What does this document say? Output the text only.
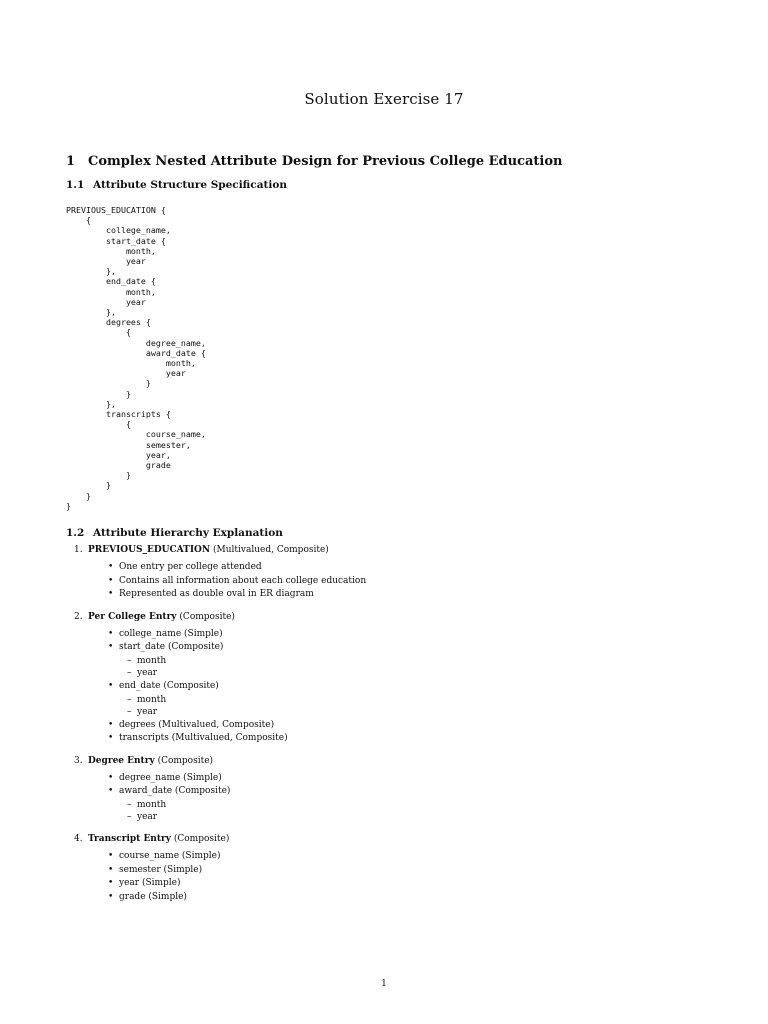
Solution Exercise 17
1 Complex Nested Attribute Design for Previous College Education
1.1 Attribute Structure Specification
PREVIOUS_EDUCATION {
{
college_name,
start_date {
month,
year
},
end_date {
month,
year
},
degrees {
{
degree_name,
award_date {
month,
year
}
}
},
transcripts {
{
course_name,
semester,
year,
grade
}
}
}
}
1.2 Attribute Hierarchy Explanation
1. PREVIOUS_EDUCATION (Multivalued, Composite)
• One entry per college attended
• Contains all information about each college education
• Represented as double oval in ER diagram
2. Per College Entry (Composite)
• college_name (Simple)
• start_date (Composite)
– month
– year
• end_date (Composite)
– month
– year
• degrees (Multivalued, Composite)
• transcripts (Multivalued, Composite)
3. Degree Entry (Composite)
• degree_name (Simple)
• award_date (Composite)
– month
– year
4. Transcript Entry (Composite)
• course_name (Simple)
• semester (Simple)
• year (Simple)
• grade (Simple)
1
